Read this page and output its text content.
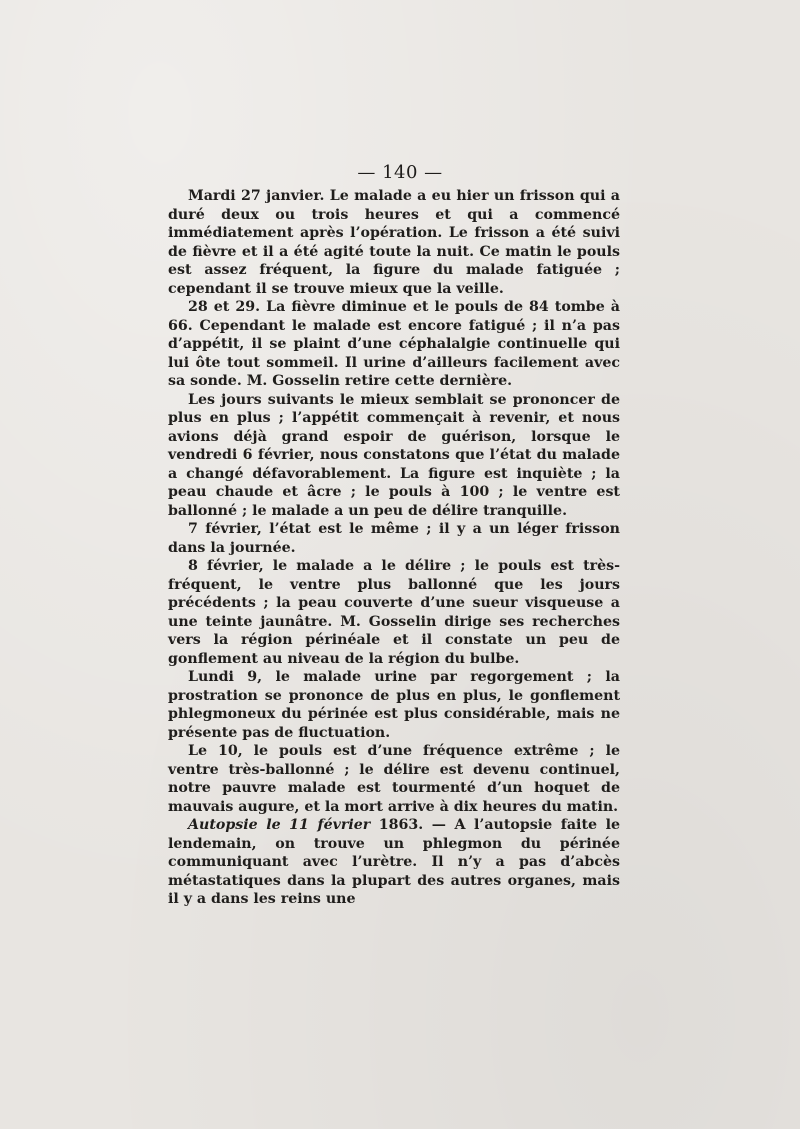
— 140 —

Mardi 27 janvier. Le malade a eu hier un frisson qui a duré deux ou trois heures et qui a commencé immédiatement après l’opération. Le frisson a été suivi de fièvre et il a été agité toute la nuit. Ce matin le pouls est assez fréquent, la figure du malade fatiguée ; cependant il se trouve mieux que la veille.

28 et 29. La fièvre diminue et le pouls de 84 tombe à 66. Cependant le malade est encore fatigué ; il n’a pas d’appétit, il se plaint d’une céphalalgie continuelle qui lui ôte tout sommeil. Il urine d’ailleurs facilement avec sa sonde. M. Gosselin retire cette dernière.

Les jours suivants le mieux semblait se prononcer de plus en plus ; l’appétit commençait à revenir, et nous avions déjà grand espoir de guérison, lorsque le vendredi 6 février, nous constatons que l’état du malade a changé défavorablement. La figure est inquiète ; la peau chaude et âcre ; le pouls à 100 ; le ventre est ballonné ; le malade a un peu de délire tranquille.

7 février, l’état est le même ; il y a un léger frisson dans la journée.

8 février, le malade a le délire ; le pouls est très-fréquent, le ventre plus ballonné que les jours précédents ; la peau couverte d’une sueur visqueuse a une teinte jaunâtre. M. Gosselin dirige ses recherches vers la région périnéale et il constate un peu de gonflement au niveau de la région du bulbe.

Lundi 9, le malade urine par regorgement ; la prostration se prononce de plus en plus, le gonflement phlegmoneux du périnée est plus considérable, mais ne présente pas de fluctuation.

Le 10, le pouls est d’une fréquence extrême ; le ventre très-ballonné ; le délire est devenu continuel, notre pauvre malade est tourmenté d’un hoquet de mauvais augure, et la mort arrive à dix heures du matin.

Autopsie le 11 février 1863. — A l’autopsie faite le lendemain, on trouve un phlegmon du périnée communiquant avec l’urètre. Il n’y a pas d’abcès métastatiques dans la plupart des autres organes, mais il y a dans les reins une
